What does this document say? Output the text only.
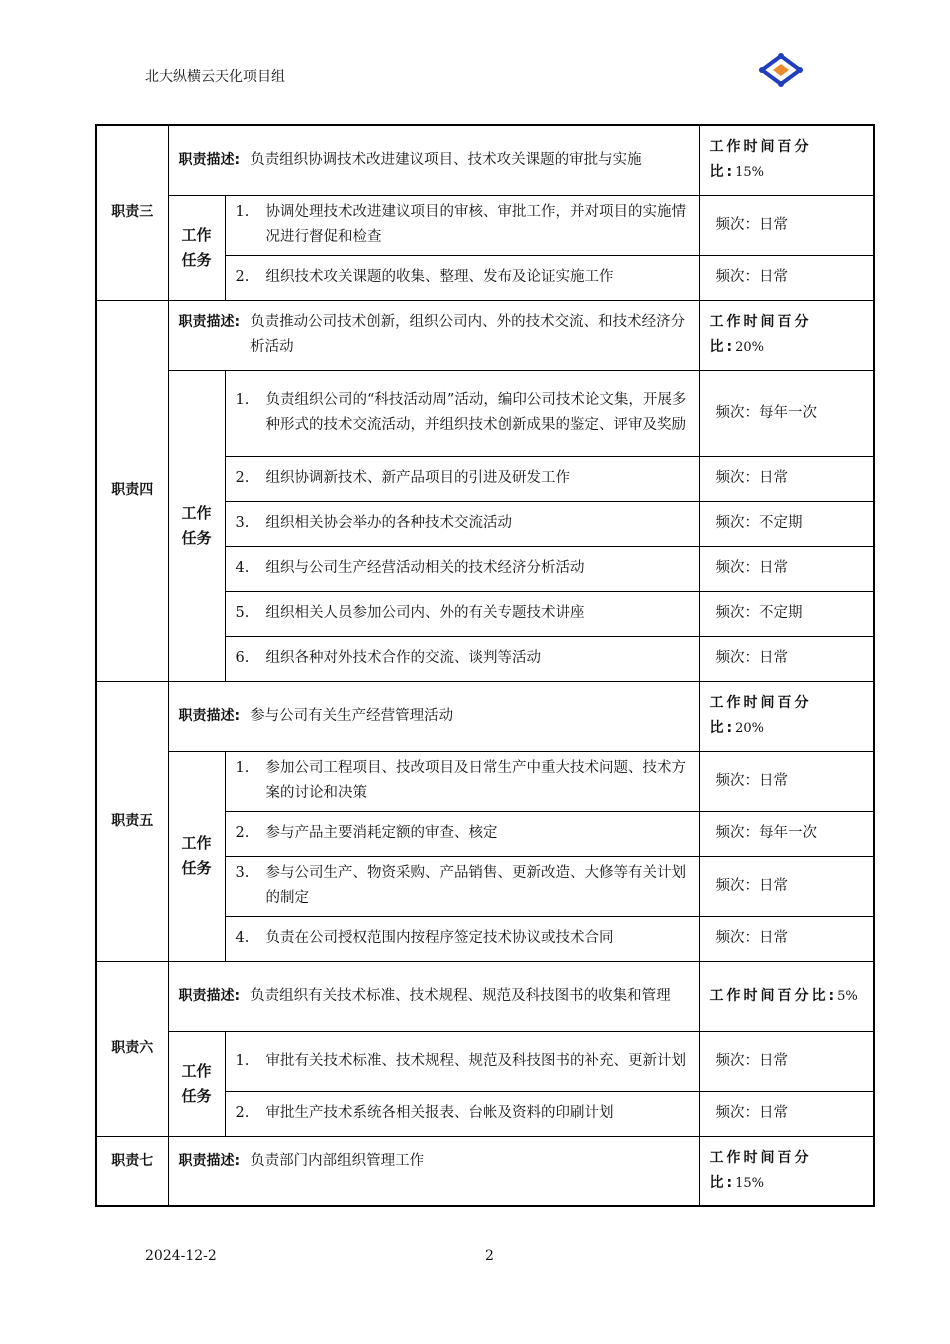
北大纵横云天化项目组
职责三	职责描述: 负责组织协调技术改进建议项目、技术攻关课题的审批与实施		工作时间百分比:15%
	工作任务	1. 协调处理技术改进建议项目的审核、审批工作，并对项目的实施情况进行督促和检查	频次：日常

		2. 组织技术攻关课题的收集、整理、发布及论证实施工作	频次：日常
职责四	职责描述: 负责推动公司技术创新，组织公司内、外的技术交流、和技术经济分析活动		工作时间百分比:20%
	工作任务	1. 负责组织公司的“科技活动周”活动，编印公司技术论文集，开展多种形式的技术交流活动，并组织技术创新成果的鉴定、评审及奖励	频次：每年一次

		2. 组织协调新技术、新产品项目的引进及研发工作	频次：日常

		3. 组织相关协会举办的各种技术交流活动	频次：不定期

		4. 组织与公司生产经营活动相关的技术经济分析活动	频次：日常

		5. 组织相关人员参加公司内、外的有关专题技术讲座	频次：不定期

		6. 组织各种对外技术合作的交流、谈判等活动	频次：日常
职责五	职责描述: 参与公司有关生产经营管理活动		工作时间百分比:20%
	工作任务	1. 参加公司工程项目、技改项目及日常生产中重大技术问题、技术方案的讨论和决策	频次：日常

		2. 参与产品主要消耗定额的审查、核定	频次：每年一次

		3. 参与公司生产、物资采购、产品销售、更新改造、大修等有关计划的制定	频次：日常

		4. 负责在公司授权范围内按程序签定技术协议或技术合同	频次：日常
职责六	职责描述: 负责组织有关技术标准、技术规程、规范及科技图书的收集和管理		工作时间百分比:5%
	工作任务	1. 审批有关技术标准、技术规程、规范及科技图书的补充、更新计划	频次：日常

		2. 审批生产技术系统各相关报表、台帐及资料的印刷计划	频次：日常
职责七	职责描述: 负责部门内部组织管理工作		工作时间百分比:15%
2024-12-2	2
